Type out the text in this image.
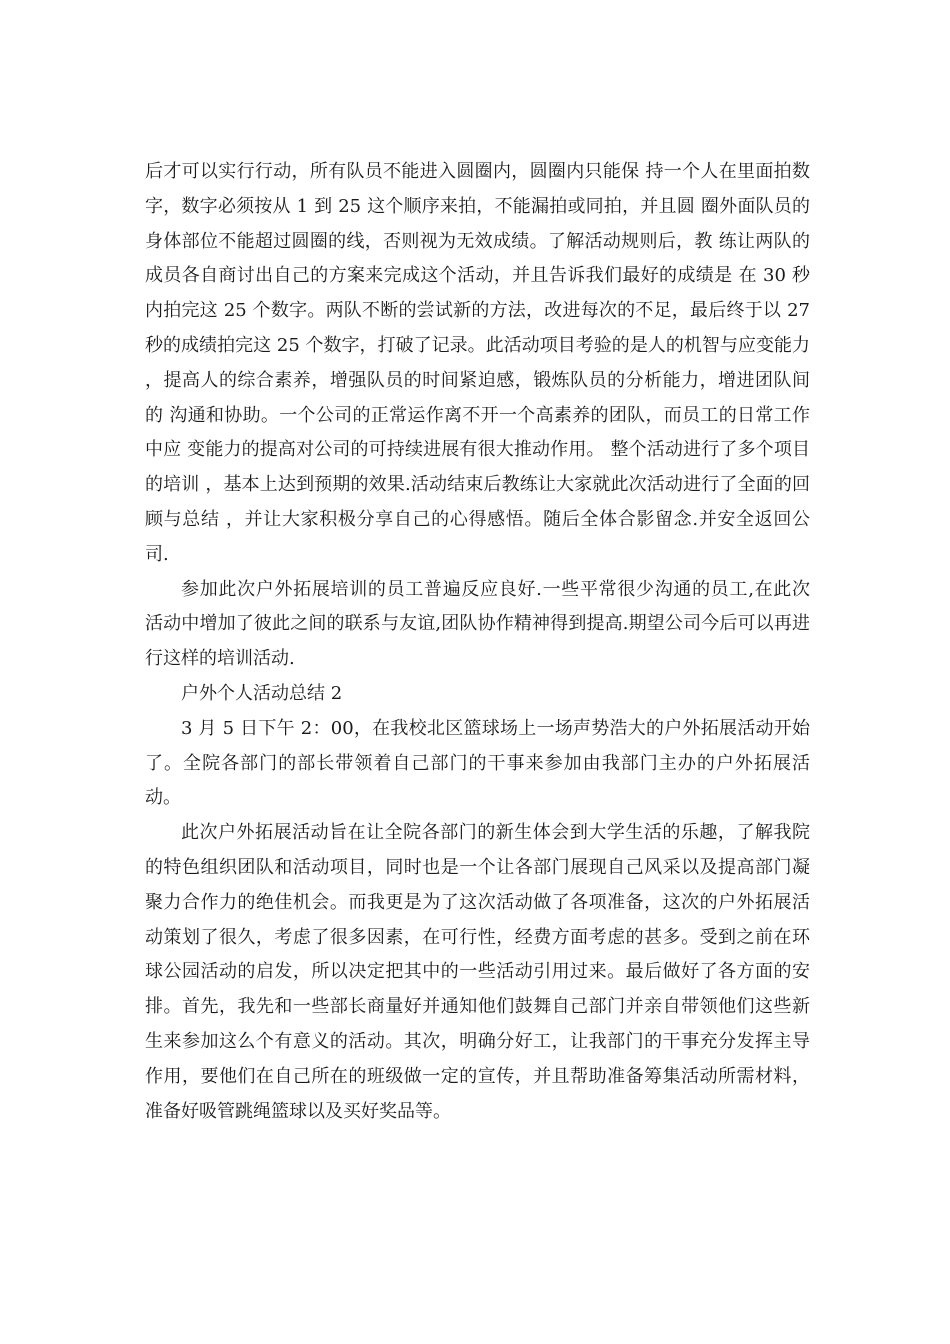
后才可以实行行动，所有队员不能进入圆圈内，圆圈内只能保 持一个人在里面拍数字，数字必须按从 1 到 25 这个顺序来拍，不能漏拍或同拍，并且圆 圈外面队员的身体部位不能超过圆圈的线，否则视为无效成绩。了解活动规则后，教 练让两队的成员各自商讨出自己的方案来完成这个活动，并且告诉我们最好的成绩是 在 30 秒内拍完这 25 个数字。两队不断的尝试新的方法，改进每次的不足，最后终于以 27 秒的成绩拍完这 25 个数字，打破了记录。此活动项目考验的是人的机智与应变能力 ，提高人的综合素养，增强队员的时间紧迫感，锻炼队员的分析能力，增进团队间的 沟通和协助。一个公司的正常运作离不开一个高素养的团队，而员工的日常工作中应 变能力的提高对公司的可持续进展有很大推动作用。 整个活动进行了多个项目的培训 ，基本上达到预期的效果.活动结束后教练让大家就此次活动进行了全面的回顾与总结 ，并让大家积极分享自己的心得感悟。随后全体合影留念.并安全返回公司.

参加此次户外拓展培训的员工普遍反应良好.一些平常很少沟通的员工,在此次 活动中增加了彼此之间的联系与友谊,团队协作精神得到提高.期望公司今后可以再进 行这样的培训活动.

户外个人活动总结 2

3 月 5 日下午 2：00，在我校北区篮球场上一场声势浩大的户外拓展活动开始了。全院各部门的部长带领着自己部门的干事来参加由我部门主办的户外拓展活动。

此次户外拓展活动旨在让全院各部门的新生体会到大学生活的乐趣，了解我院的特色组织团队和活动项目，同时也是一个让各部门展现自己风采以及提高部门凝聚力合作力的绝佳机会。而我更是为了这次活动做了各项准备，这次的户外拓展活动策划了很久，考虑了很多因素，在可行性，经费方面考虑的甚多。受到之前在环球公园活动的启发，所以决定把其中的一些活动引用过来。最后做好了各方面的安排。首先，我先和一些部长商量好并通知他们鼓舞自己部门并亲自带领他们这些新生来参加这么个有意义的活动。其次，明确分好工，让我部门的干事充分发挥主导作用，要他们在自己所在的班级做一定的宣传，并且帮助准备筹集活动所需材料，准备好吸管跳绳篮球以及买好奖品等。
